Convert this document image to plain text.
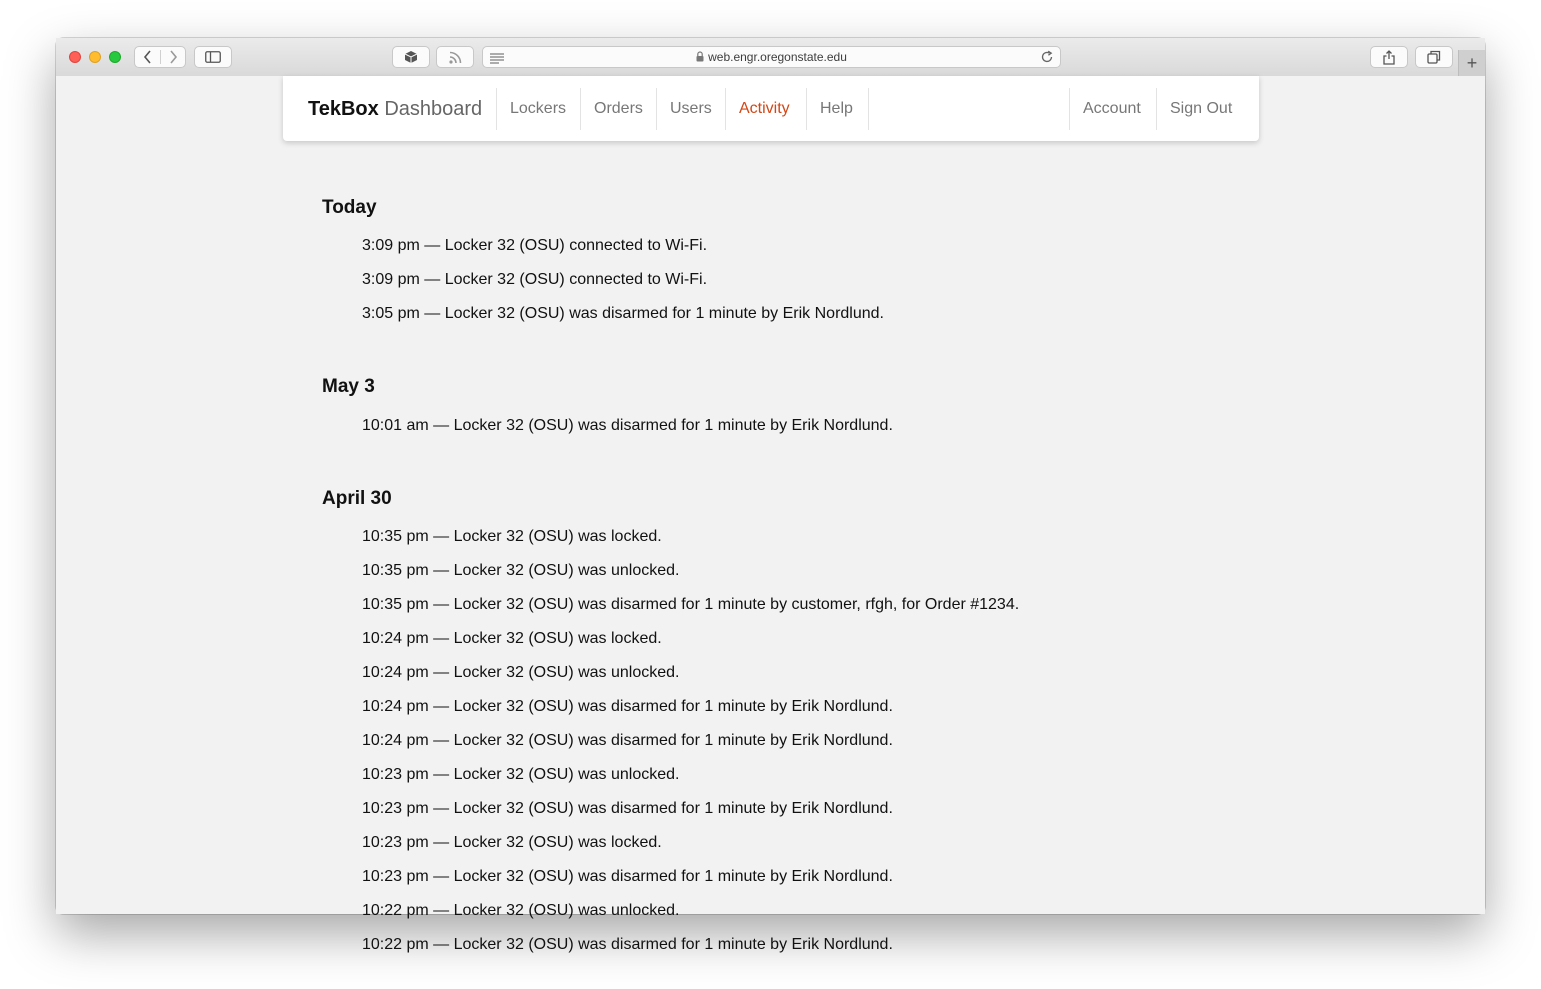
web.engr.oregonstate.edu	+
TekBox Dashboard Lockers Orders Users Activity Help	Account Sign Out
Today
3:09 pm — Locker 32 (OSU) connected to Wi-Fi.
3:09 pm — Locker 32 (OSU) connected to Wi-Fi.
3:05 pm — Locker 32 (OSU) was disarmed for 1 minute by Erik Nordlund.
May 3
10:01 am — Locker 32 (OSU) was disarmed for 1 minute by Erik Nordlund.
April 30
10:35 pm — Locker 32 (OSU) was locked.
10:35 pm — Locker 32 (OSU) was unlocked.
10:35 pm — Locker 32 (OSU) was disarmed for 1 minute by customer, rfgh, for Order #1234.
10:24 pm — Locker 32 (OSU) was locked.
10:24 pm — Locker 32 (OSU) was unlocked.
10:24 pm — Locker 32 (OSU) was disarmed for 1 minute by Erik Nordlund.
10:24 pm — Locker 32 (OSU) was disarmed for 1 minute by Erik Nordlund.
10:23 pm — Locker 32 (OSU) was unlocked.
10:23 pm — Locker 32 (OSU) was disarmed for 1 minute by Erik Nordlund.
10:23 pm — Locker 32 (OSU) was locked.
10:23 pm — Locker 32 (OSU) was disarmed for 1 minute by Erik Nordlund.
10:22 pm — Locker 32 (OSU) was unlocked.
10:22 pm — Locker 32 (OSU) was disarmed for 1 minute by Erik Nordlund.
